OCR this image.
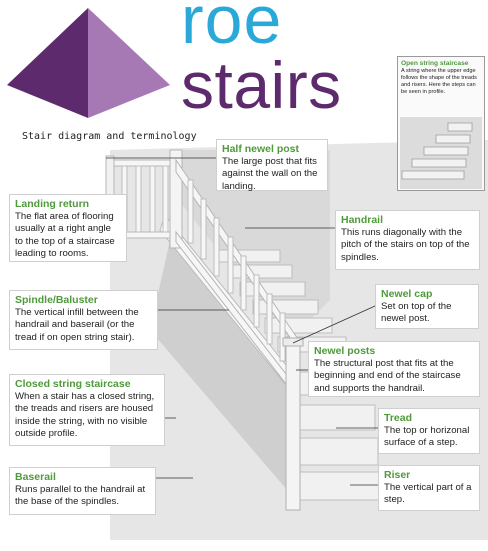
roe
stairs
Stair diagram and terminology
Open string staircase
A string where the upper edge follows the shape of the treads and risers. Here the steps can be seen in profile.
Half newel post
The large post that fits against the wall on the landing.
Landing return
The flat area of flooring usually at a right angle to the top of a staircase leading to rooms.
Handrail
This runs diagonally with the pitch of the stairs on top of the spindles.
Spindle/Baluster
The vertical infill between the handrail and baserail (or the tread if on open string stair).
Newel cap
Set on top of the newel post.
Newel posts
The structural post that fits at the beginning and end of the staircase and supports the handrail.
Closed string staircase
When a stair has a closed string, the treads and risers are housed inside the string, with no visible outside profile.
Tread
The top or horizonal surface of a step.
Baserail
Runs parallel to the handrail at the base of the spindles.
Riser
The vertical part of a step.
